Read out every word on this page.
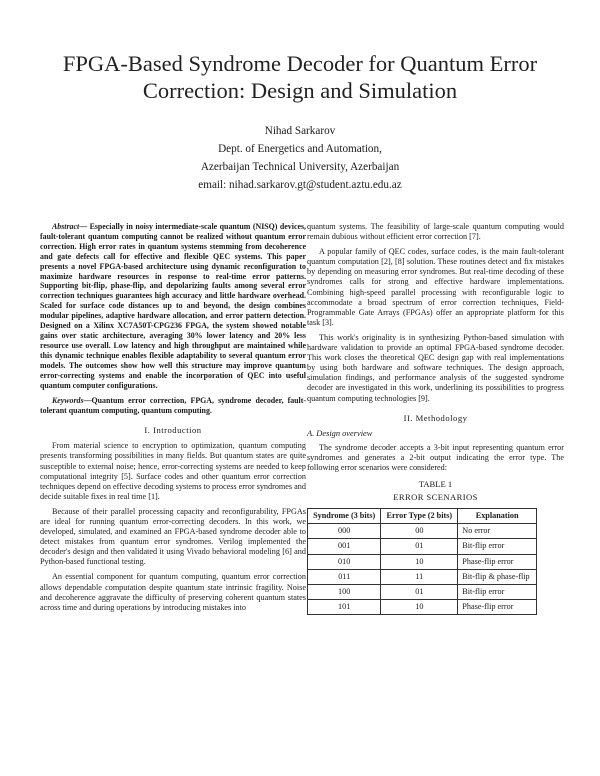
FPGA-Based Syndrome Decoder for Quantum Error Correction: Design and Simulation
Nihad Sarkarov
Dept. of Energetics and Automation,
Azerbaijan Technical University, Azerbaijan
email: nihad.sarkarov.gt@student.aztu.edu.az

Abstract— Especially in noisy intermediate-scale quantum (NISQ) devices, fault-tolerant quantum computing cannot be realized without quantum error correction. High error rates in quantum systems stemming from decoherence and gate defects call for effective and flexible QEC systems. This paper presents a novel FPGA-based architecture using dynamic reconfiguration to maximize hardware resources in response to real-time error patterns. Supporting bit-flip, phase-flip, and depolarizing faults among several error correction techniques guarantees high accuracy and little hardware overhead. Scaled for surface code distances up to and beyond, the design combines modular pipelines, adaptive hardware allocation, and error pattern detection. Designed on a Xilinx XC7A50T-CPG236 FPGA, the system showed notable gains over static architecture, averaging 30% lower latency and 20% less resource use overall. Low latency and high throughput are maintained while this dynamic technique enables flexible adaptability to several quantum error models. The outcomes show how well this structure may improve quantum error-correcting systems and enable the incorporation of QEC into useful quantum computer configurations.

Keywords—Quantum error correction, FPGA, syndrome decoder, fault-tolerant quantum computing, quantum computing.

I. Introduction

From material science to encryption to optimization, quantum computing presents transforming possibilities in many fields. But quantum states are quite susceptible to external noise; hence, error-correcting systems are needed to keep computational integrity [5]. Surface codes and other quantum error correction techniques depend on effective decoding systems to process error syndromes and decide suitable fixes in real time [1].

Because of their parallel processing capacity and reconfigurability, FPGAs are ideal for running quantum error-correcting decoders. In this work, we developed, simulated, and examined an FPGA-based syndrome decoder able to detect mistakes from quantum error syndromes. Verilog implemented the decoder's design and then validated it using Vivado behavioral modeling [6] and Python-based functional testing.

An essential component for quantum computing, quantum error correction allows dependable computation despite quantum state intrinsic fragility. Noise and decoherence aggravate the difficulty of preserving coherent quantum states across time and during operations by introducing mistakes into

quantum systems. The feasibility of large-scale quantum computing would remain dubious without efficient error correction [7].

A popular family of QEC codes, surface codes, is the main fault-tolerant quantum computation [2], [8] solution. These routines detect and fix mistakes by depending on measuring error syndromes. But real-time decoding of these syndromes calls for strong and effective hardware implementations. Combining high-speed parallel processing with reconfigurable logic to accommodate a broad spectrum of error correction techniques, Field-Programmable Gate Arrays (FPGAs) offer an appropriate platform for this task [3].

This work's originality is in synthesizing Python-based simulation with hardware validation to provide an optimal FPGA-based syndrome decoder. This work closes the theoretical QEC design gap with real implementations by using both hardware and software techniques. The design approach, simulation findings, and performance analysis of the suggested syndrome decoder are investigated in this work, underlining its possibilities to progress quantum computing technologies [9].

II. Methodology
A. Design overview

The syndrome decoder accepts a 3-bit input representing quantum error syndromes and generates a 2-bit output indicating the error type. The following error scenarios were considered:

TABLE 1
ERROR SCENARIOS
Syndrome (3 bits)	Error Type (2 bits)	Explanation
000	00	No error
001	01	Bit-flip error
010	10	Phase-flip error
011	11	Bit-flip & phase-flip
100	01	Bit-flip error
101	10	Phase-flip error
